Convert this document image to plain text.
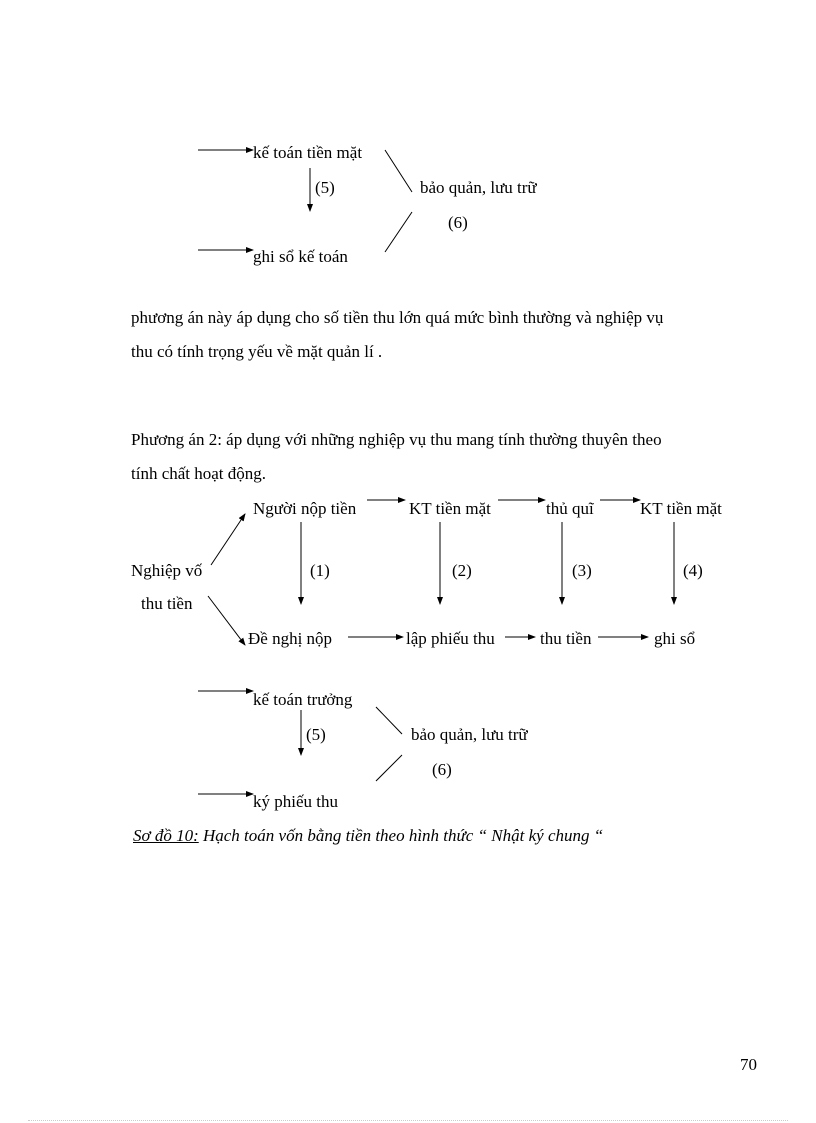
kế toán tiền mặt
(5)	bảo quản, lưu trữ
(6)
ghi sổ kế toán
phương án này áp dụng cho số tiền thu lớn quá mức bình thường và nghiệp vụ
thu có tính trọng yếu về mặt quản lí .
Phương án 2: áp dụng với những nghiệp vụ thu mang tính thường thuyên theo
tính chất hoạt động.
Nghiệp vố
thu tiền
Người nộp tiền	KT tiền mặt	thủ quĩ	KT tiền mặt
(1)	(2)	(3)	(4)
Đề nghị nộp	lập phiếu thu	thu tiền	ghi sổ
kế toán trưởng
(5)	bảo quản, lưu trữ
(6)
ký phiếu thu
Sơ đồ 10: Hạch toán vốn bằng tiền theo hình thức “ Nhật ký chung “
70
